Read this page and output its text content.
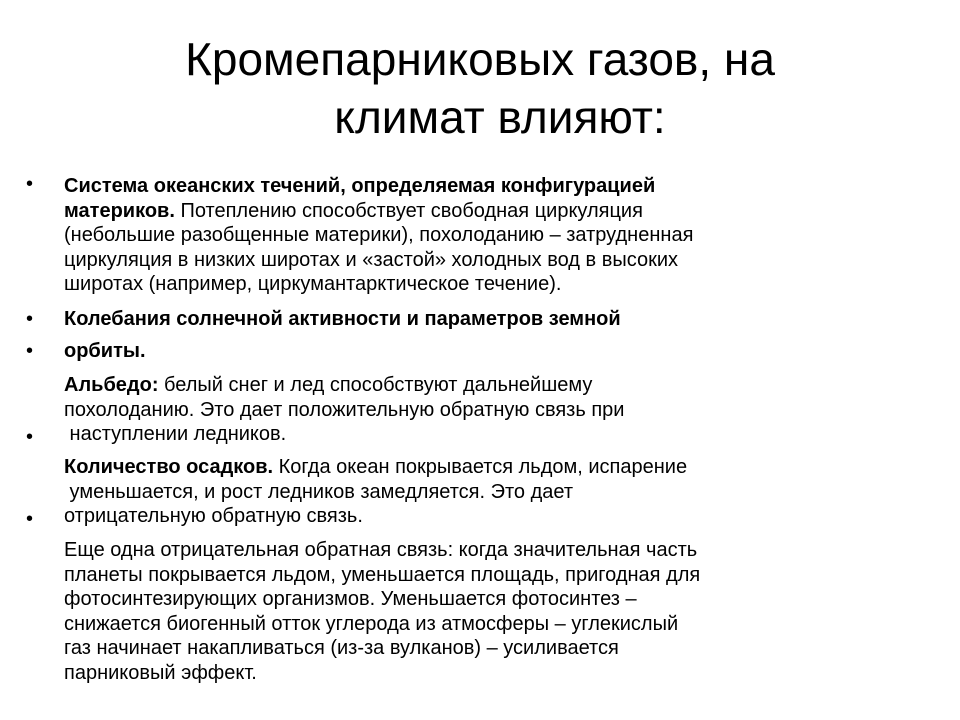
Кромепарниковых газов, на
климат влияют:
•
•
•
•
•
Система океанских течений, определяемая конфигурацией
материков. Потеплению способствует свободная циркуляция
(небольшие разобщенные материки), похолоданию – затрудненная
циркуляция в низких широтах и «застой» холодных вод в высоких
широтах (например, циркумантарктическое течение).
Колебания солнечной активности и параметров земной
орбиты.
Альбедо: белый снег и лед способствуют дальнейшему
похолоданию. Это дает положительную обратную связь при
наступлении ледников.
Количество осадков. Когда океан покрывается льдом, испарение
уменьшается, и рост ледников замедляется. Это дает
отрицательную обратную связь.
Еще одна отрицательная обратная связь: когда значительная часть
планеты покрывается льдом, уменьшается площадь, пригодная для
фотосинтезирующих организмов. Уменьшается фотосинтез –
снижается биогенный отток углерода из атмосферы – углекислый
газ начинает накапливаться (из-за вулканов) – усиливается
парниковый эффект.
